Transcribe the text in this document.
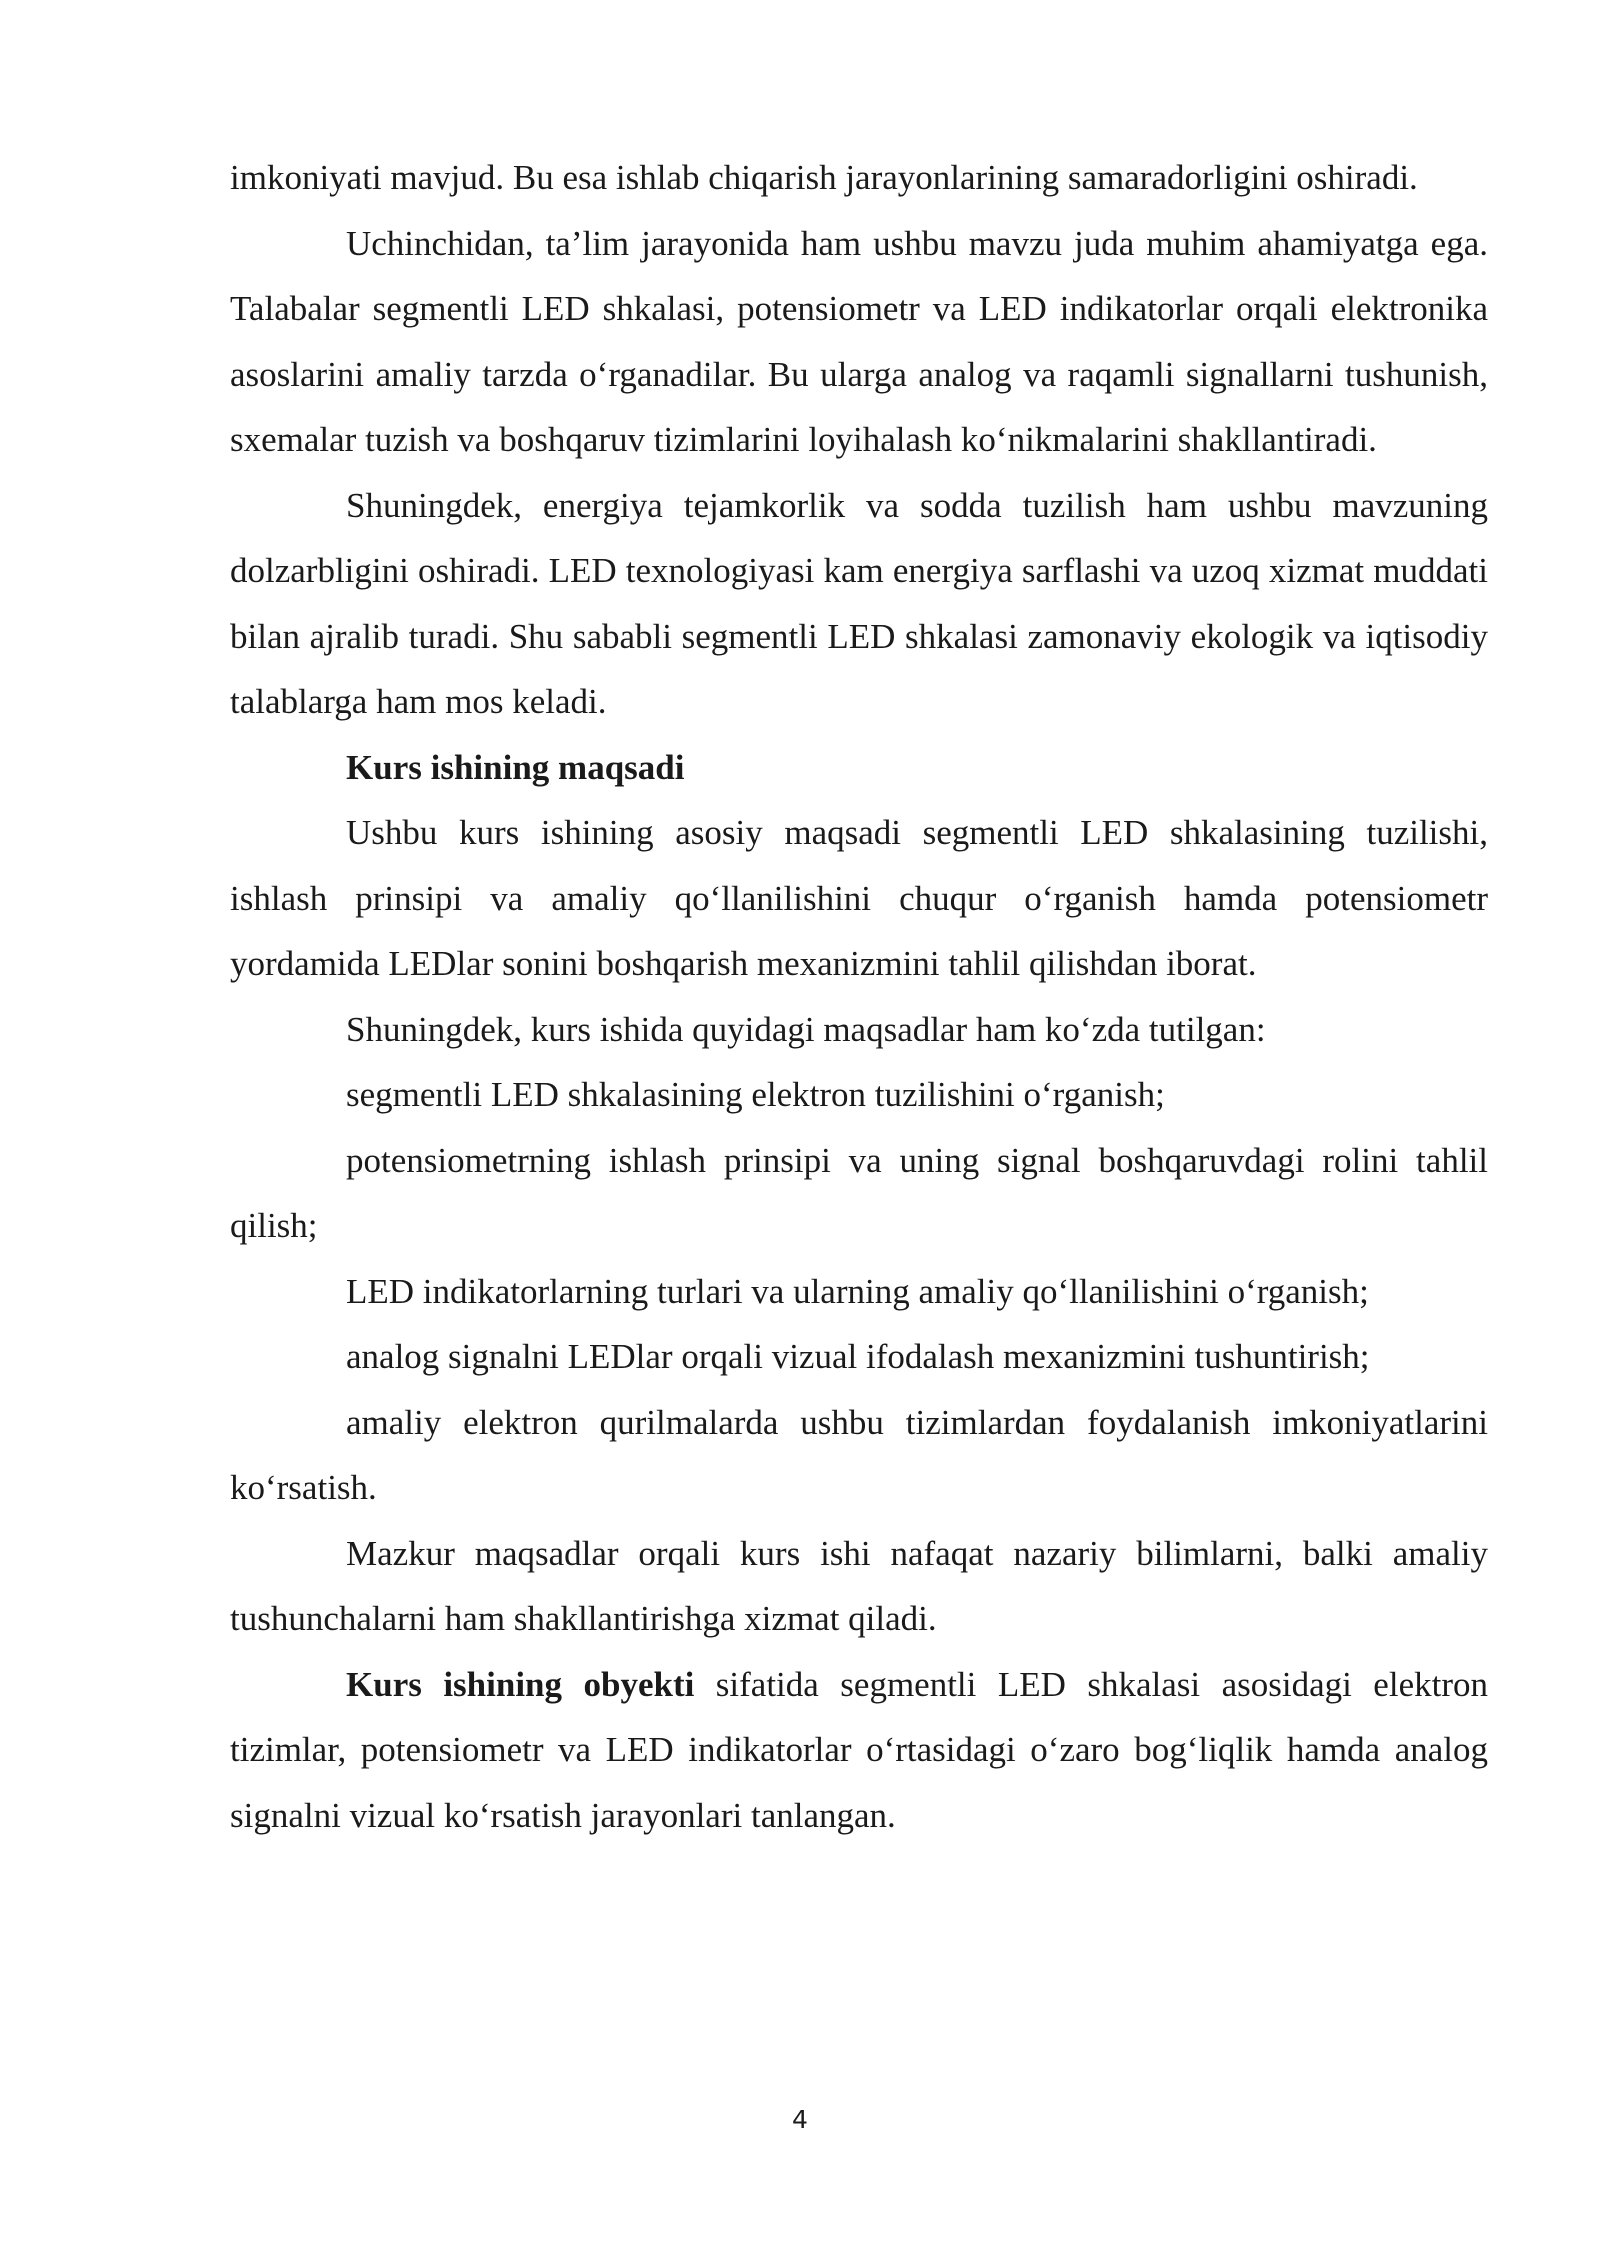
imkoniyati mavjud. Bu esa ishlab chiqarish jarayonlarining samaradorligini oshiradi.

Uchinchidan, ta’lim jarayonida ham ushbu mavzu juda muhim ahamiyatga ega. Talabalar segmentli LED shkalasi, potensiometr va LED indikatorlar orqali elektronika asoslarini amaliy tarzda o‘rganadilar. Bu ularga analog va raqamli signallarni tushunish, sxemalar tuzish va boshqaruv tizimlarini loyihalash ko‘nikmalarini shakllantiradi.

Shuningdek, energiya tejamkorlik va sodda tuzilish ham ushbu mavzuning dolzarbligini oshiradi. LED texnologiyasi kam energiya sarflashi va uzoq xizmat muddati bilan ajralib turadi. Shu sababli segmentli LED shkalasi zamonaviy ekologik va iqtisodiy talablarga ham mos keladi.

Kurs ishining maqsadi

Ushbu kurs ishining asosiy maqsadi segmentli LED shkalasining tuzilishi, ishlash prinsipi va amaliy qo‘llanilishini chuqur o‘rganish hamda potensiometr yordamida LEDlar sonini boshqarish mexanizmini tahlil qilishdan iborat.

Shuningdek, kurs ishida quyidagi maqsadlar ham ko‘zda tutilgan:

segmentli LED shkalasining elektron tuzilishini o‘rganish;

potensiometrning ishlash prinsipi va uning signal boshqaruvdagi rolini tahlil qilish;

LED indikatorlarning turlari va ularning amaliy qo‘llanilishini o‘rganish;

analog signalni LEDlar orqali vizual ifodalash mexanizmini tushuntirish;

amaliy elektron qurilmalarda ushbu tizimlardan foydalanish imkoniyatlarini ko‘rsatish.

Mazkur maqsadlar orqali kurs ishi nafaqat nazariy bilimlarni, balki amaliy tushunchalarni ham shakllantirishga xizmat qiladi.

Kurs ishining obyekti sifatida segmentli LED shkalasi asosidagi elektron tizimlar, potensiometr va LED indikatorlar o‘rtasidagi o‘zaro bog‘liqlik hamda analog signalni vizual ko‘rsatish jarayonlari tanlangan.

4
